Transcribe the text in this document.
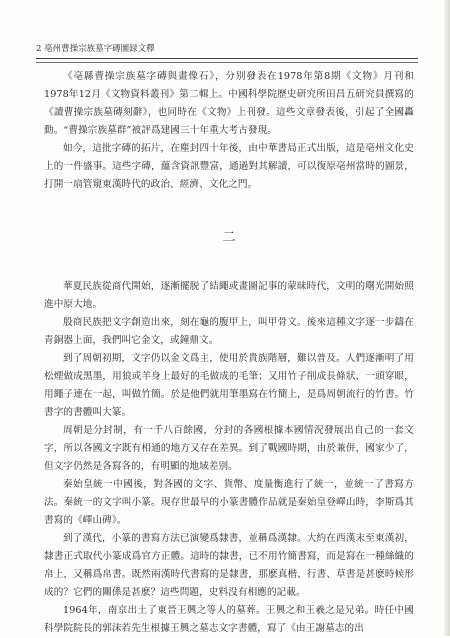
2 亳州曹操宗族墓字磚圖録文釋

《亳縣曹操宗族墓字磚與畫像石》，分别發表在1978年第8期《文物》月刊和1978年12月《文物資料叢刊》第二輯上。中國科學院歷史研究所田昌五研究員撰寫的《讀曹操宗族墓磚刻辭》，也同時在《文物》上刊發。這些文章發表後，引起了全國轟動。“曹操宗族墓群”被評爲建國三十年重大考古發現。

如今，這批字磚的拓片，在塵封四十年後，由中華書局正式出版，這是亳州文化史上的一件盛事。這些字磚，蘊含資訊豐富，通過對其解讀，可以復原亳州當時的圖景，打開一扇管窺東漢時代的政治、經濟、文化之門。

二

華夏民族從商代開始，逐漸擺脱了結繩或畫圖記事的蒙昧時代，文明的曙光開始照進中原大地。

殷商民族把文字創造出來，刻在龜的腹甲上，叫甲骨文。後來這種文字逐一步鑄在青銅器上面，我們叫它金文，或鐘鼎文。

到了周朝初期，文字仍以金文爲主，使用於貴族階層，難以普及。人們逐漸明了用松煙做成黑墨，用狼或羊身上最好的毛做成的毛筆；又用竹子削成長條狀，一頭穿眼，用繩子連在一起，叫做竹簡。於是他們就用筆墨寫在竹簡上，是爲周朝流行的竹書。竹書字的書體叫大篆。

周朝是分封制，有一千八百餘國，分封的各國根據本國情況發展出自己的一套文字，所以各國文字既有相通的地方又存在差異。到了戰國時期，由於兼併，國家少了，但文字仍然是各寫各的，有明顯的地域差别。

秦始皇統一中國後，對各國的文字、貨幣、度量衡進行了統一，並統一了書寫方法。秦統一的文字叫小篆。現存世最早的小篆書體作品就是秦始皇登嶧山時，李斯爲其書寫的《嶧山碑》。

到了漢代，小篆的書寫方法已演變爲隸書，並稱爲漢隸。大約在西漢末至東漢初，隸書正式取代小篆成爲官方正體。這時的隸書，已不用竹簡書寫，而是寫在一種絲織的帛上，又稱爲帛書。既然兩漢時代書寫的是隸書，那麽真楷、行書、草書是甚麽時候形成的？它們的關係是甚麽？這些問題，史料没有相應的記載。

1964年，南京出土了東晉王興之等人的墓葬。王興之和王羲之是兄弟。時任中國科學院院長的郭沫若先生根據王興之墓志文字書體，寫了《由王謝墓志的出
